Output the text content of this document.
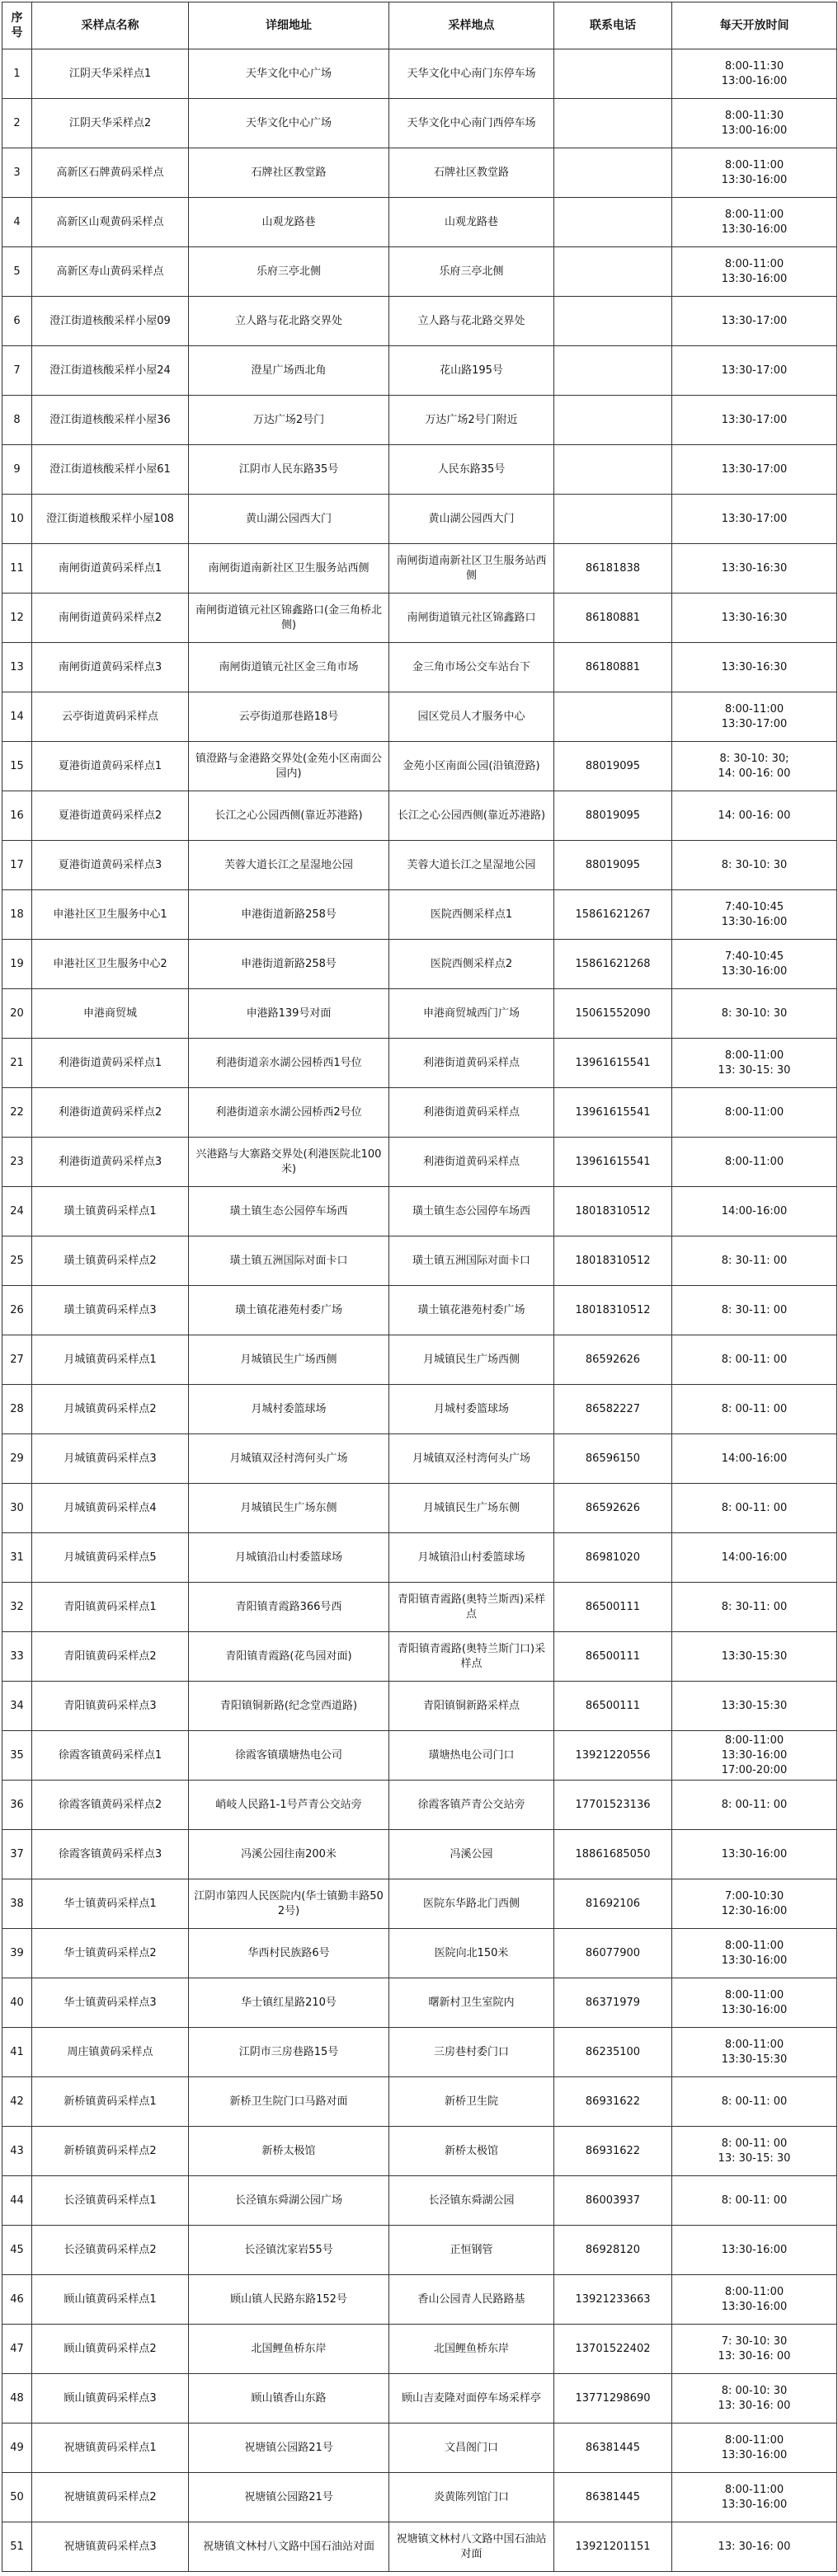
序号	采样点名称	详细地址	采样地点	联系电话	每天开放时间
1	江阴天华采样点1	天华文化中心广场	天华文化中心南门东停车场		8:00-11:30
13:00-16:00
2	江阴天华采样点2	天华文化中心广场	天华文化中心南门西停车场		8:00-11:30
13:00-16:00
3	高新区石牌黄码采样点	石牌社区教堂路	石牌社区教堂路		8:00-11:00
13:30-16:00
4	高新区山观黄码采样点	山观龙路巷	山观龙路巷		8:00-11:00
13:30-16:00
5	高新区寿山黄码采样点	乐府三亭北侧	乐府三亭北侧		8:00-11:00
13:30-16:00
6	澄江街道核酸采样小屋09	立人路与花北路交界处	立人路与花北路交界处		13:30-17:00
7	澄江街道核酸采样小屋24	澄星广场西北角	花山路195号		13:30-17:00
8	澄江街道核酸采样小屋36	万达广场2号门	万达广场2号门附近		13:30-17:00
9	澄江街道核酸采样小屋61	江阴市人民东路35号	人民东路35号		13:30-17:00
10	澄江街道核酸采样小屋108	黄山湖公园西大门	黄山湖公园西大门		13:30-17:00
11	南闸街道黄码采样点1	南闸街道南新社区卫生服务站西侧	南闸街道南新社区卫生服务站西侧	86181838	13:30-16:30
12	南闸街道黄码采样点2	南闸街道镇元社区锦鑫路口(金三角桥北侧)	南闸街道镇元社区锦鑫路口	86180881	13:30-16:30
13	南闸街道黄码采样点3	南闸街道镇元社区金三角市场	金三角市场公交车站台下	86180881	13:30-16:30
14	云亭街道黄码采样点	云亭街道那巷路18号	园区党员人才服务中心		8:00-11:00
13:30-17:00
15	夏港街道黄码采样点1	镇澄路与金港路交界处(金苑小区南面公园内)	金苑小区南面公园(沿镇澄路)	88019095	8: 30-10: 30;
14: 00-16: 00
16	夏港街道黄码采样点2	长江之心公园西侧(靠近苏港路)	长江之心公园西侧(靠近苏港路)	88019095	14: 00-16: 00
17	夏港街道黄码采样点3	芙蓉大道长江之星湿地公园	芙蓉大道长江之星湿地公园	88019095	8: 30-10: 30
18	申港社区卫生服务中心1	申港街道新路258号	医院西侧采样点1	15861621267	7:40-10:45
13:30-16:00
19	申港社区卫生服务中心2	申港街道新路258号	医院西侧采样点2	15861621268	7:40-10:45
13:30-16:00
20	申港商贸城	申港路139号对面	申港商贸城西门广场	15061552090	8: 30-10: 30
21	利港街道黄码采样点1	利港街道亲水湖公园桥西1号位	利港街道黄码采样点	13961615541	8:00-11:00
13: 30-15: 30
22	利港街道黄码采样点2	利港街道亲水湖公园桥西2号位	利港街道黄码采样点	13961615541	8:00-11:00
23	利港街道黄码采样点3	兴港路与大寨路交界处(利港医院北100米)	利港街道黄码采样点	13961615541	8:00-11:00
24	璜土镇黄码采样点1	璜土镇生态公园停车场西	璜土镇生态公园停车场西	18018310512	14:00-16:00
25	璜土镇黄码采样点2	璜土镇五洲国际对面卡口	璜土镇五洲国际对面卡口	18018310512	8: 30-11: 00
26	璜土镇黄码采样点3	璜土镇花港苑村委广场	璜土镇花港苑村委广场	18018310512	8: 30-11: 00
27	月城镇黄码采样点1	月城镇民生广场西侧	月城镇民生广场西侧	86592626	8: 00-11: 00
28	月城镇黄码采样点2	月城村委篮球场	月城村委篮球场	86582227	8: 00-11: 00
29	月城镇黄码采样点3	月城镇双泾村湾何头广场	月城镇双泾村湾何头广场	86596150	14:00-16:00
30	月城镇黄码采样点4	月城镇民生广场东侧	月城镇民生广场东侧	86592626	8: 00-11: 00
31	月城镇黄码采样点5	月城镇沿山村委篮球场	月城镇沿山村委篮球场	86981020	14:00-16:00
32	青阳镇黄码采样点1	青阳镇青霞路366号西	青阳镇青霞路(奥特兰斯西)采样点	86500111	8: 30-11: 00
33	青阳镇黄码采样点2	青阳镇青霞路(花鸟园对面)	青阳镇青霞路(奥特兰斯门口)采样点	86500111	13:30-15:30
34	青阳镇黄码采样点3	青阳镇铜新路(纪念堂西道路)	青阳镇铜新路采样点	86500111	13:30-15:30
35	徐霞客镇黄码采样点1	徐霞客镇璜塘热电公司	璜塘热电公司门口	13921220556	8:00-11:00
13:30-16:00
17:00-20:00
36	徐霞客镇黄码采样点2	峭岐人民路1-1号芦青公交站旁	徐霞客镇芦青公交站旁	17701523136	8: 00-11: 00
37	徐霞客镇黄码采样点3	冯溪公园往南200米	冯溪公园	18861685050	13:30-16:00
38	华士镇黄码采样点1	江阴市第四人民医院内(华士镇勤丰路502号)	医院东华路北门西侧	81692106	7:00-10:30
12:30-16:00
39	华士镇黄码采样点2	华西村民族路6号	医院向北150米	86077900	8:00-11:00
13:30-16:00
40	华士镇黄码采样点3	华士镇红星路210号	曙新村卫生室院内	86371979	8:00-11:00
13:30-16:00
41	周庄镇黄码采样点	江阴市三房巷路15号	三房巷村委门口	86235100	8:00-11:00
13:30-15:30
42	新桥镇黄码采样点1	新桥卫生院门口马路对面	新桥卫生院	86931622	8: 00-11: 00
43	新桥镇黄码采样点2	新桥太极馆	新桥太极馆	86931622	8: 00-11: 00
13: 30-15: 30
44	长泾镇黄码采样点1	长泾镇东舜湖公园广场	长泾镇东舜湖公园	86003937	8: 00-11: 00
45	长泾镇黄码采样点2	长泾镇沈家岩55号	正恒钢管	86928120	13:30-16:00
46	顾山镇黄码采样点1	顾山镇人民路东路152号	香山公园青人民路路基	13921233663	8:00-11:00
13:30-16:00
47	顾山镇黄码采样点2	北国鲤鱼桥东岸	北国鲤鱼桥东岸	13701522402	7: 30-10: 30
13: 30-16: 00
48	顾山镇黄码采样点3	顾山镇香山东路	顾山吉麦隆对面停车场采样亭	13771298690	8: 00-10: 30
13: 30-16: 00
49	祝塘镇黄码采样点1	祝塘镇公园路21号	文昌阁门口	86381445	8:00-11:00
13:30-16:00
50	祝塘镇黄码采样点2	祝塘镇公园路21号	炎黄陈列馆门口	86381445	8:00-11:00
13:30-16:00
51	祝塘镇黄码采样点3	祝塘镇文林村八文路中国石油站对面	祝塘镇文林村八文路中国石油站对面	13921201151	13: 30-16: 00
